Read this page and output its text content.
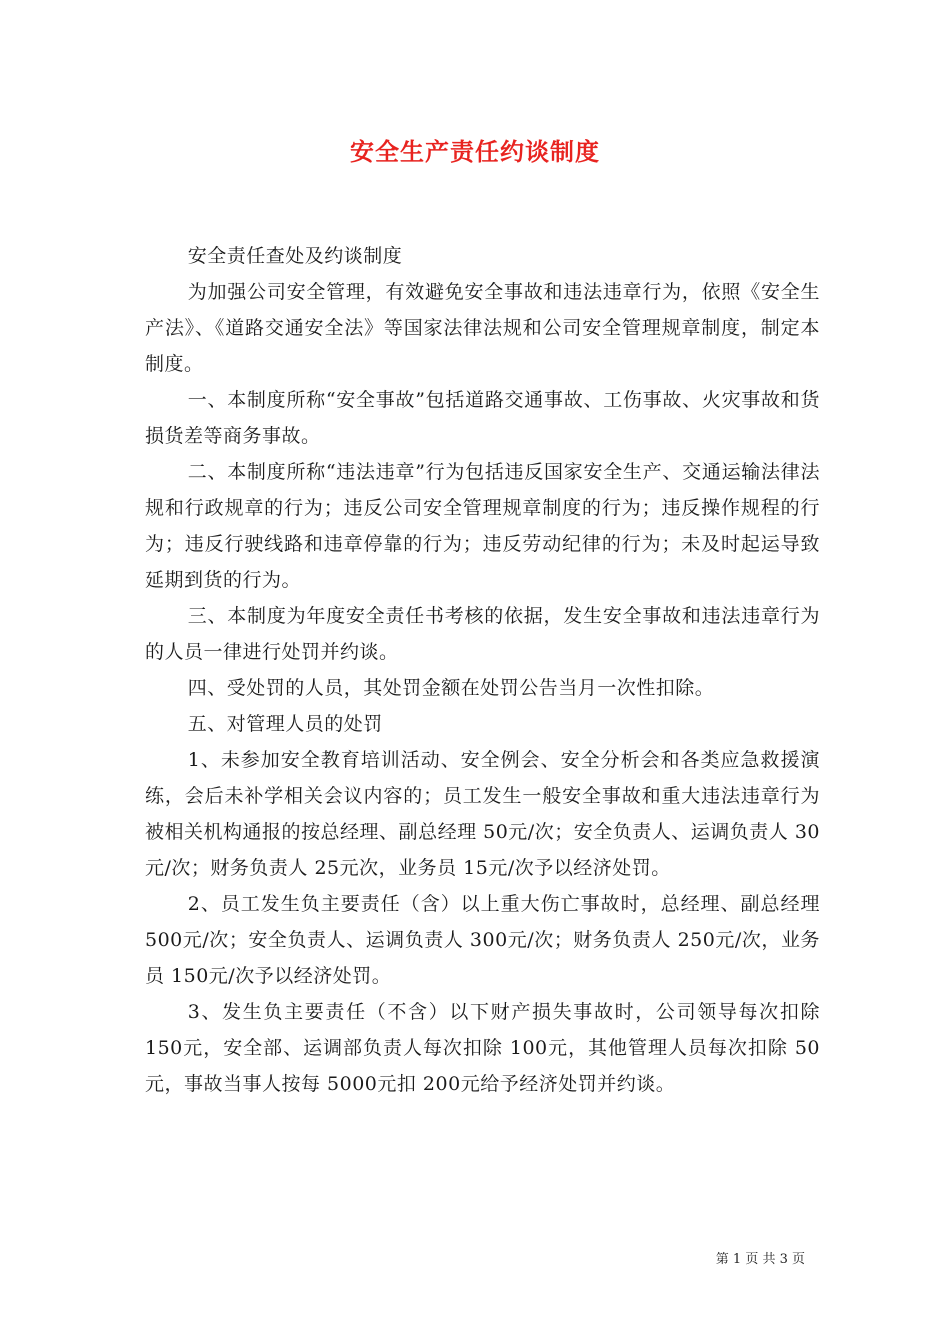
安全生产责任约谈制度

安全责任查处及约谈制度

为加强公司安全管理，有效避免安全事故和违法违章行为，依照《安全生产法》、《道路交通安全法》等国家法律法规和公司安全管理规章制度，制定本制度。

一、本制度所称“安全事故”包括道路交通事故、工伤事故、火灾事故和货损货差等商务事故。

二、本制度所称“违法违章”行为包括违反国家安全生产、交通运输法律法规和行政规章的行为；违反公司安全管理规章制度的行为；违反操作规程的行为；违反行驶线路和违章停靠的行为；违反劳动纪律的行为；未及时起运导致延期到货的行为。

三、本制度为年度安全责任书考核的依据，发生安全事故和违法违章行为的人员一律进行处罚并约谈。

四、受处罚的人员，其处罚金额在处罚公告当月一次性扣除。

五、对管理人员的处罚

1、未参加安全教育培训活动、安全例会、安全分析会和各类应急救援演练，会后未补学相关会议内容的；员工发生一般安全事故和重大违法违章行为被相关机构通报的按总经理、副总经理 50元/次；安全负责人、运调负责人 30元/次；财务负责人 25元次，业务员 15元/次予以经济处罚。

2、员工发生负主要责任（含）以上重大伤亡事故时，总经理、副总经理 500元/次；安全负责人、运调负责人 300元/次；财务负责人 250元/次，业务员 150元/次予以经济处罚。

3、发生负主要责任（不含）以下财产损失事故时，公司领导每次扣除 150元，安全部、运调部负责人每次扣除 100元，其他管理人员每次扣除 50元，事故当事人按每 5000元扣 200元给予经济处罚并约谈。

第 1 页 共 3 页
